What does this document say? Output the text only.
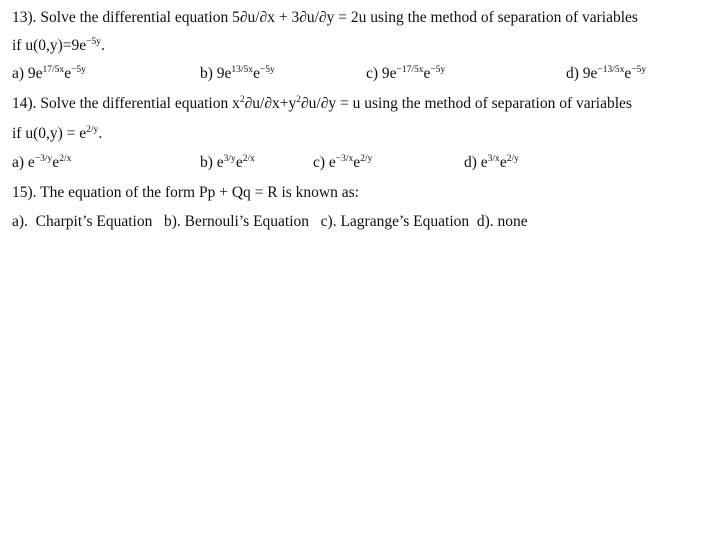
13). Solve the differential equation 5∂u/∂x + 3∂u/∂y = 2u using the method of separation of variables
if $u(0,y)=9e^{-5y}$.
a) $9e^{17/5x}e^{-5y}$	b) $9e^{13/5x}e^{-5y}$	c) $9e^{-17/5x}e^{-5y}$	d) $9e^{-13/5x}e^{-5y}$
14). Solve the differential equation $x^2\partial u/\partial x+y^2\partial u/\partial y = u$ using the method of separation of variables
if $u(0,y) = e^{2/y}$.
a) $e^{-3/y}e^{2/x}$	b) $e^{3/y}e^{2/x}$	c) $e^{-3/x}e^{2/y}$	d) $e^{3/x}e^{2/y}$
15). The equation of the form Pp + Qq = R is known as:
a).  Charpit’s Equation   b). Bernouli’s Equation   c). Lagrange’s Equation  d). none
